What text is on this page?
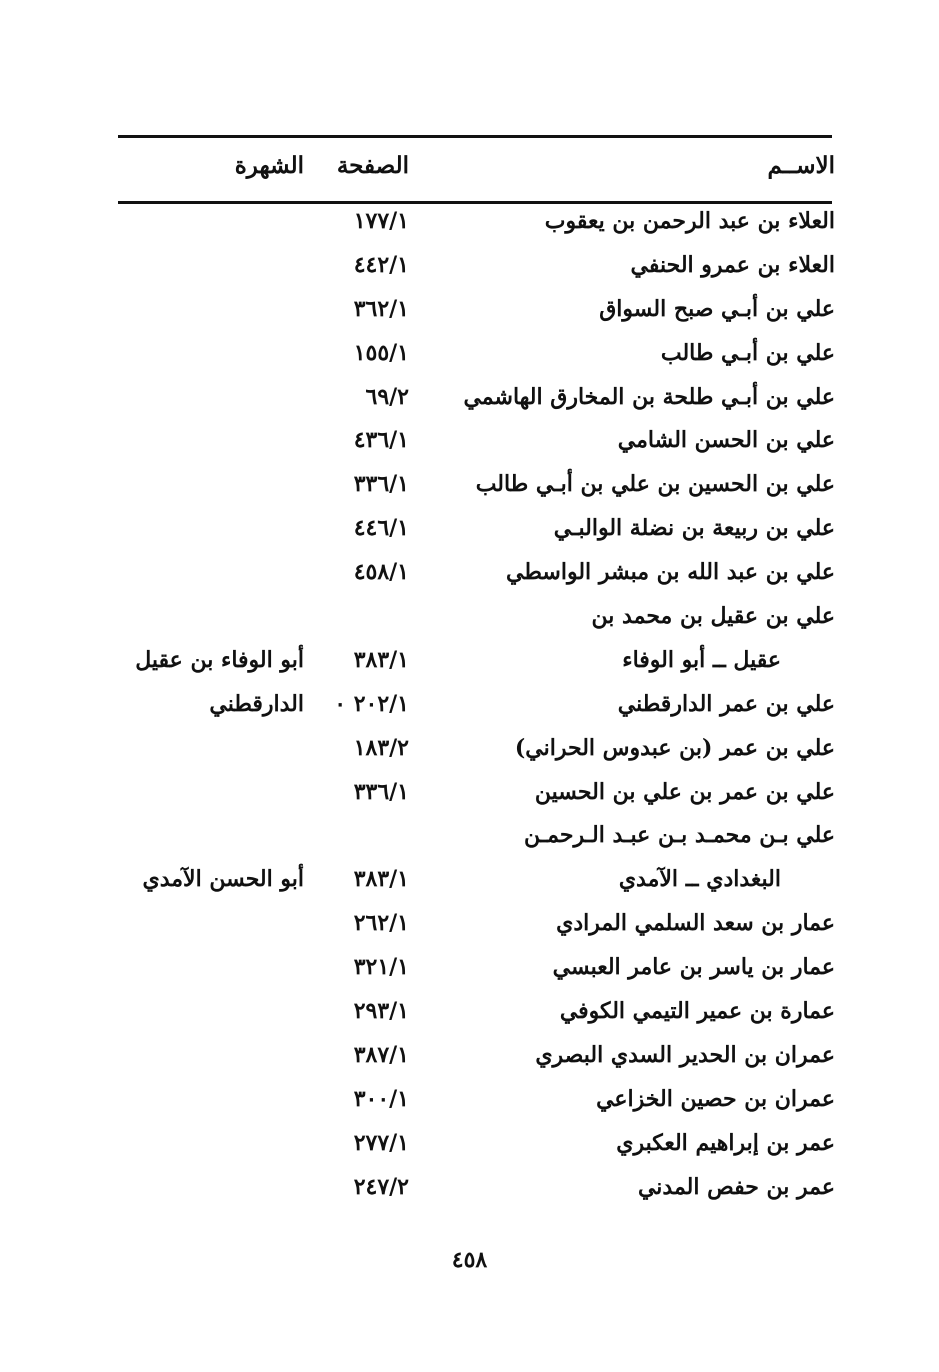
الاســم
الصفحة
الشهرة
العلاء بن عبد الرحمن بن يعقوب
١٧٧/١
العلاء بن عمرو الحنفي
٤٤٢/١
علي بن أبـي صبح السواق
٣٦٢/١
علي بن أبـي طالب
١٥٥/١
علي بن أبـي طلحة بن المخارق الهاشمي
٦٩/٢
علي بن الحسن الشامي
٤٣٦/١
علي بن الحسين بن علي بن أبـي طالب
٣٣٦/١
علي بن ربيعة بن نضلة الوالبـي
٤٤٦/١
علي بن عبد الله بن مبشر الواسطي
٤٥٨/١
علي بن عقيل بن محمد بن
عقيل ــ أبو الوفاء
٣٨٣/١
أبو الوفاء بن عقيل
علي بن عمر الدارقطني
٢٠٢/١ ٠
الدارقطني
علي بن عمر (بن عبدوس الحراني)
١٨٣/٢
علي بن عمر بن علي بن الحسين
٣٣٦/١
علي بـن محمـد بـن عبـد الـرحمـن
البغدادي ــ الآمدي
٣٨٣/١
أبو الحسن الآمدي
عمار بن سعد السلمي المرادي
٢٦٢/١
عمار بن ياسر بن عامر العبسي
٣٢١/١
عمارة بن عمير التيمي الكوفي
٢٩٣/١
عمران بن الحدير السدي البصري
٣٨٧/١
عمران بن حصين الخزاعي
٣٠٠/١
عمر بن إبراهيم العكبري
٢٧٧/١
عمر بن حفص المدني
٢٤٧/٢
٤٥٨
